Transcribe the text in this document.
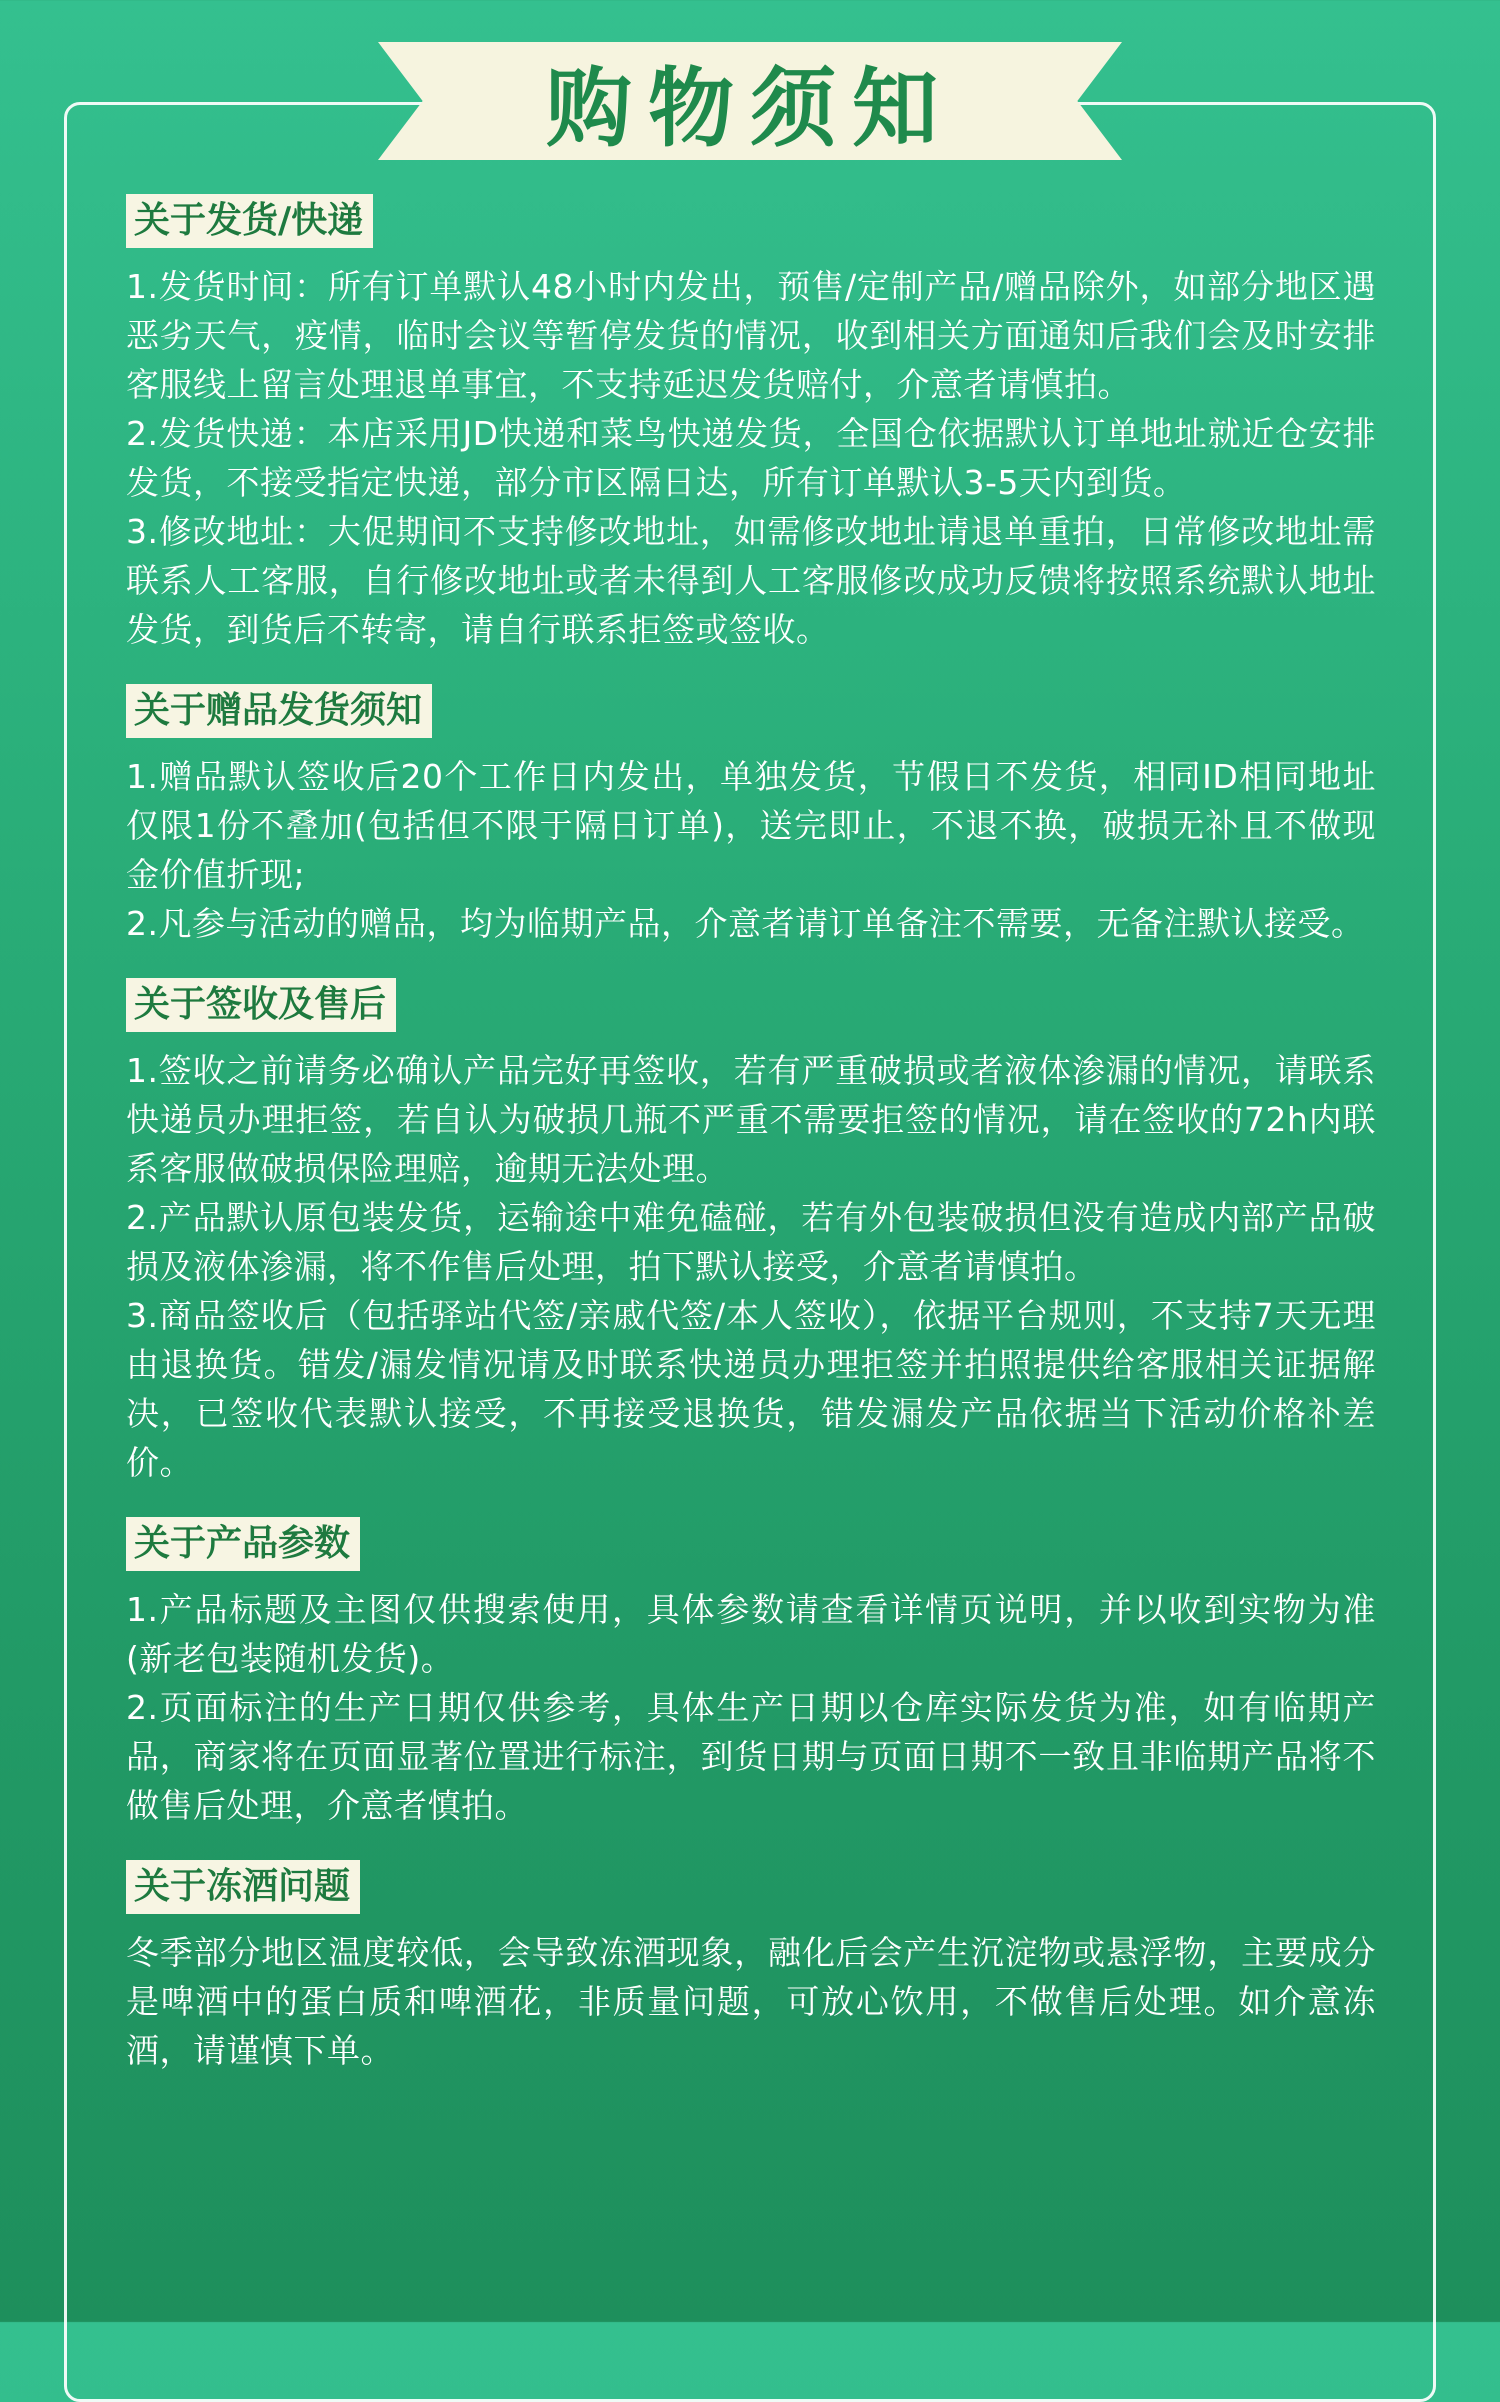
购物须知
关于发货/快递

1.发货时间：所有订单默认48小时内发出，预售/定制产品/赠品除外，如部分地区遇恶劣天气，疫情，临时会议等暂停发货的情况，收到相关方面通知后我们会及时安排客服线上留言处理退单事宜，不支持延迟发货赔付，介意者请慎拍。

2.发货快递：本店采用JD快递和菜鸟快递发货，全国仓依据默认订单地址就近仓安排发货，不接受指定快递，部分市区隔日达，所有订单默认3-5天内到货。

3.修改地址：大促期间不支持修改地址，如需修改地址请退单重拍，日常修改地址需联系人工客服，自行修改地址或者未得到人工客服修改成功反馈将按照系统默认地址发货，到货后不转寄，请自行联系拒签或签收。

关于赠品发货须知

1.赠品默认签收后20个工作日内发出，单独发货，节假日不发货，相同ID相同地址仅限1份不叠加(包括但不限于隔日订单)，送完即止，不退不换，破损无补且不做现金价值折现;

2.凡参与活动的赠品，均为临期产品，介意者请订单备注不需要，无备注默认接受。

关于签收及售后

1.签收之前请务必确认产品完好再签收，若有严重破损或者液体渗漏的情况，请联系快递员办理拒签，若自认为破损几瓶不严重不需要拒签的情况，请在签收的72h内联系客服做破损保险理赔，逾期无法处理。

2.产品默认原包装发货，运输途中难免磕碰，若有外包装破损但没有造成内部产品破损及液体渗漏，将不作售后处理，拍下默认接受，介意者请慎拍。

3.商品签收后（包括驿站代签/亲戚代签/本人签收），依据平台规则，不支持7天无理由退换货。错发/漏发情况请及时联系快递员办理拒签并拍照提供给客服相关证据解决，已签收代表默认接受，不再接受退换货，错发漏发产品依据当下活动价格补差价。

关于产品参数

1.产品标题及主图仅供搜索使用，具体参数请查看详情页说明，并以收到实物为准(新老包装随机发货)。

2.页面标注的生产日期仅供参考，具体生产日期以仓库实际发货为准，如有临期产品，商家将在页面显著位置进行标注，到货日期与页面日期不一致且非临期产品将不做售后处理，介意者慎拍。

关于冻酒问题

冬季部分地区温度较低，会导致冻酒现象，融化后会产生沉淀物或悬浮物，主要成分是啤酒中的蛋白质和啤酒花，非质量问题，可放心饮用，不做售后处理。如介意冻酒，请谨慎下单。
